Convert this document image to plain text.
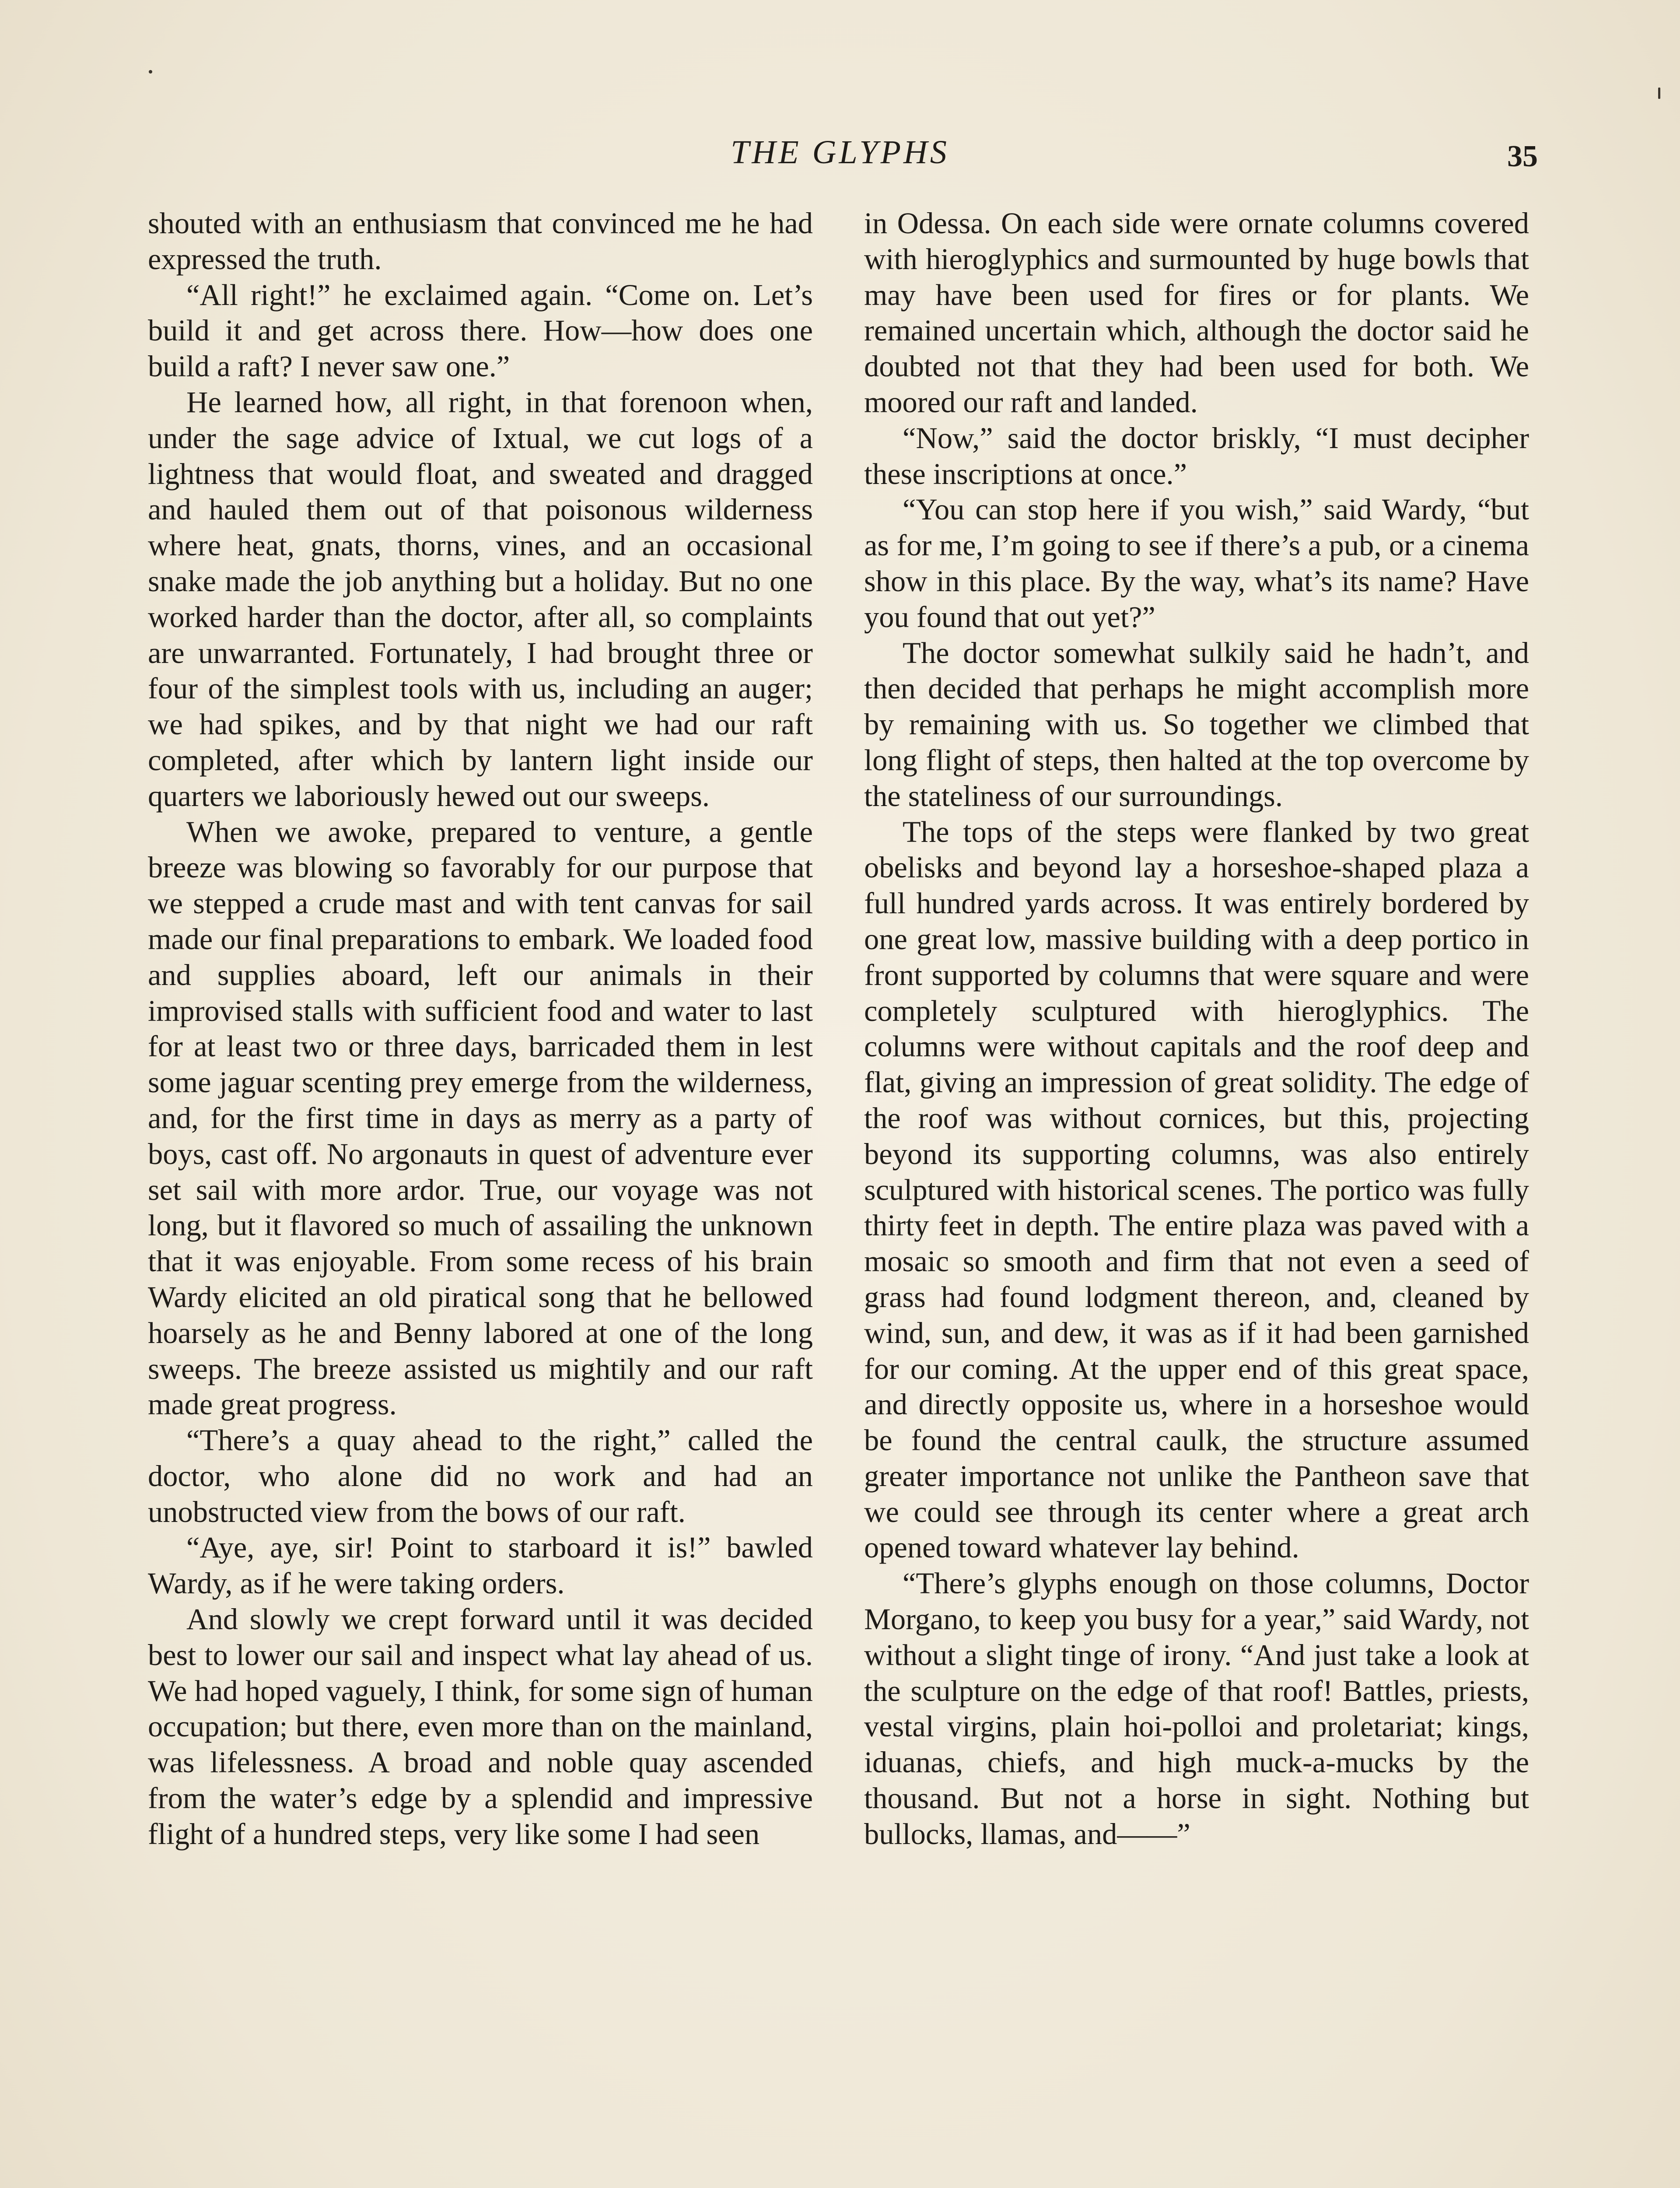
THE GLYPHS	35

shouted with an enthusiasm that convinced me he had expressed the truth.

“All right!” he exclaimed again. “Come on. Let’s build it and get across there. How—how does one build a raft? I never saw one.”

He learned how, all right, in that forenoon when, under the sage advice of Ixtual, we cut logs of a lightness that would float, and sweated and dragged and hauled them out of that poisonous wilderness where heat, gnats, thorns, vines, and an occasional snake made the job anything but a holiday. But no one worked harder than the doctor, after all, so complaints are unwarranted. Fortunately, I had brought three or four of the simplest tools with us, including an auger; we had spikes, and by that night we had our raft completed, after which by lantern light inside our quarters we laboriously hewed out our sweeps.

When we awoke, prepared to venture, a gentle breeze was blowing so favorably for our purpose that we stepped a crude mast and with tent canvas for sail made our final preparations to embark. We loaded food and supplies aboard, left our animals in their improvised stalls with sufficient food and water to last for at least two or three days, barricaded them in lest some jaguar scenting prey emerge from the wilderness, and, for the first time in days as merry as a party of boys, cast off. No argonauts in quest of adventure ever set sail with more ardor. True, our voyage was not long, but it flavored so much of assailing the unknown that it was enjoyable. From some recess of his brain Wardy elicited an old piratical song that he bellowed hoarsely as he and Benny labored at one of the long sweeps. The breeze assisted us mightily and our raft made great progress.

“There’s a quay ahead to the right,” called the doctor, who alone did no work and had an unobstructed view from the bows of our raft.

“Aye, aye, sir! Point to starboard it is!” bawled Wardy, as if he were taking orders.

And slowly we crept forward until it was decided best to lower our sail and inspect what lay ahead of us. We had hoped vaguely, I think, for some sign of human occupation; but there, even more than on the mainland, was lifelessness. A broad and noble quay ascended from the water’s edge by a splendid and impressive flight of a hundred steps, very like some I had seen

in Odessa. On each side were ornate columns covered with hieroglyphics and surmounted by huge bowls that may have been used for fires or for plants. We remained uncertain which, although the doctor said he doubted not that they had been used for both. We moored our raft and landed.

“Now,” said the doctor briskly, “I must decipher these inscriptions at once.”

“You can stop here if you wish,” said Wardy, “but as for me, I’m going to see if there’s a pub, or a cinema show in this place. By the way, what’s its name? Have you found that out yet?”

The doctor somewhat sulkily said he hadn’t, and then decided that perhaps he might accomplish more by remaining with us. So together we climbed that long flight of steps, then halted at the top overcome by the stateliness of our surroundings.

The tops of the steps were flanked by two great obelisks and beyond lay a horseshoe-shaped plaza a full hundred yards across. It was entirely bordered by one great low, massive building with a deep portico in front supported by columns that were square and were completely sculptured with hieroglyphics. The columns were without capitals and the roof deep and flat, giving an impression of great solidity. The edge of the roof was without cornices, but this, projecting beyond its supporting columns, was also entirely sculptured with historical scenes. The portico was fully thirty feet in depth. The entire plaza was paved with a mosaic so smooth and firm that not even a seed of grass had found lodgment thereon, and, cleaned by wind, sun, and dew, it was as if it had been garnished for our coming. At the upper end of this great space, and directly opposite us, where in a horseshoe would be found the central caulk, the structure assumed greater importance not unlike the Pantheon save that we could see through its center where a great arch opened toward whatever lay behind.

“There’s glyphs enough on those columns, Doctor Morgano, to keep you busy for a year,” said Wardy, not without a slight tinge of irony. “And just take a look at the sculpture on the edge of that roof! Battles, priests, vestal virgins, plain hoi-polloi and proletariat; kings, iduanas, chiefs, and high muck-a-mucks by the thousand. But not a horse in sight. Nothing but bullocks, llamas, and——”
